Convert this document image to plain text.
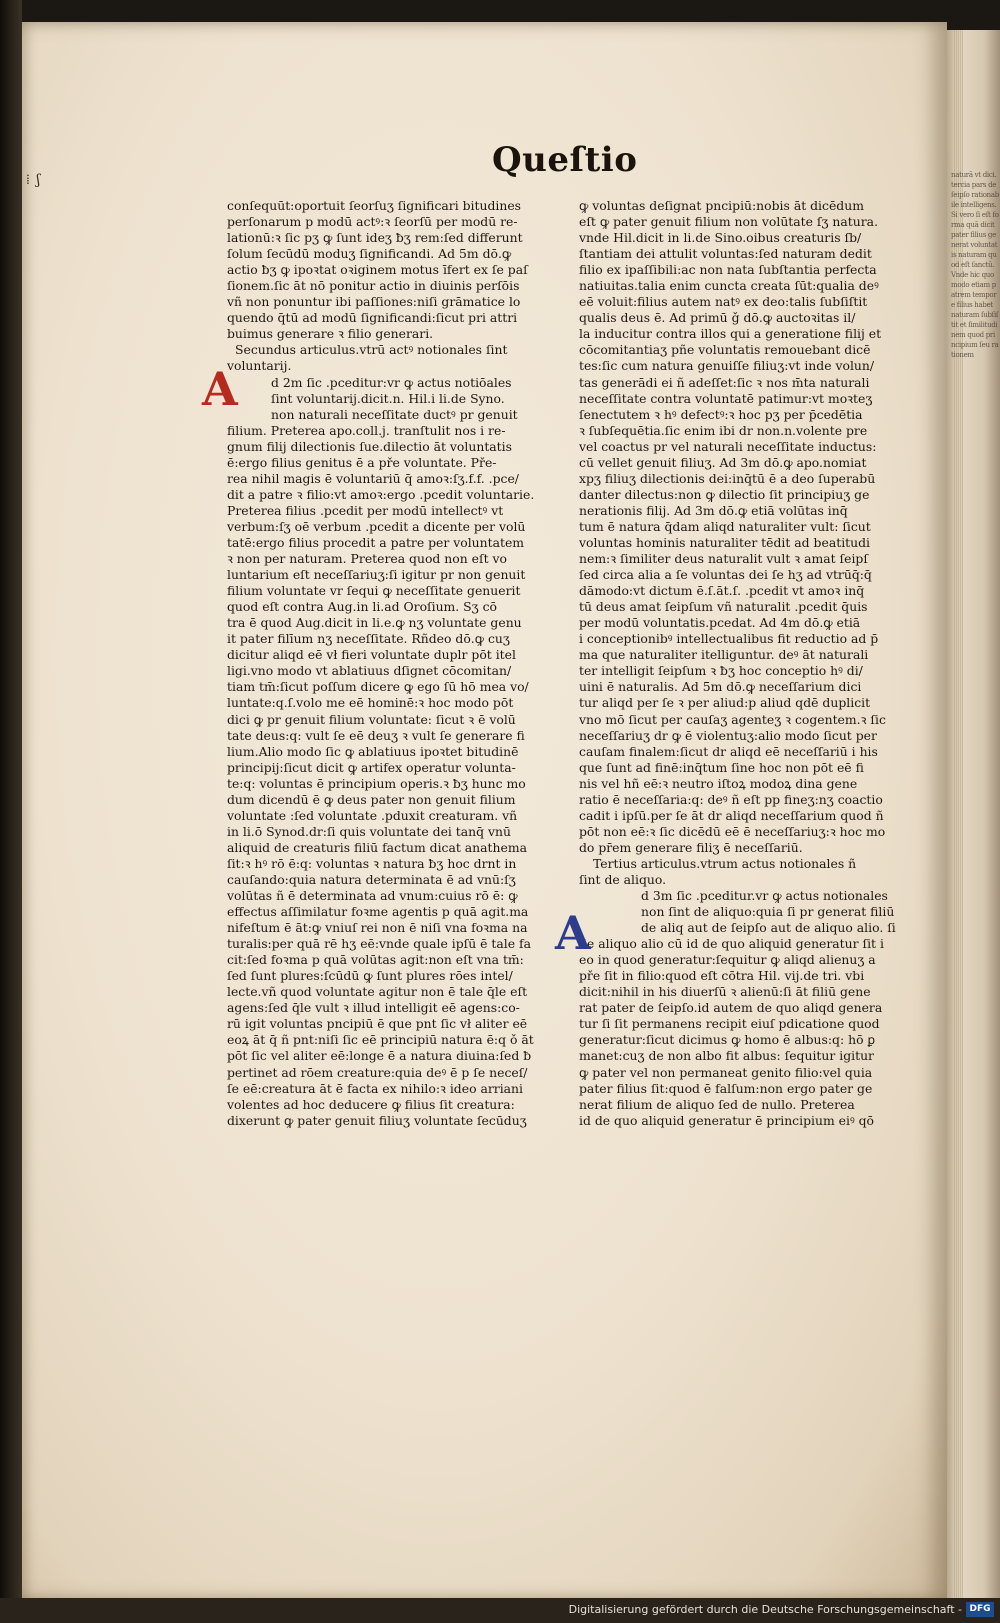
⁞ ʃ	Queſtio
conſequūt:oportuit ſeorſuʒ ſignificari bitudines
perſonarum p modū actꝰ:ꝛ ſeorſū per modū re-
lationū:ꝛ ſic pʒ ꝙ ſunt ideʒ ƀʒ rem:ſed differunt
ſolum ſecūdū moduʒ ſignificandi. Ad 5m dō.ꝙ
actio ƀʒ ꝙ ipoꝛtat oꝛiginem motus īfert ex ſe paſ
ſionem.ſic āt nō ponitur actio in diuinis perſōis
vñ non ponuntur ibi paſſiones:niſi grāmatice lo
quendo q̄tū ad modū ſignificandi:ſicut pri attri
buimus generare ꝛ filio generari.
Secundus articulus.vtrū actꝰ notionales ſint
voluntarij.
d 2m ſic .pceditur:vr ꝙ actus notiōales
ſint voluntarij.dicit.n. Hil.i li.de Syno.
non naturali neceſſitate ductꝰ pr genuit
filium. Preterea apo.coll.j. tranſtulit nos i re-
gnum filij dilectionis ſue.dilectio āt voluntatis
ē:ergo filius genitus ē a pře voluntate. Pře-
rea nihil magis ē voluntariū q̄ amoꝛ:ſʒ.f.f. .pce/
dit a patre ꝛ filio:vt amoꝛ:ergo .pcedit voluntarie.
Preterea filius .pcedit per modū intellectꝰ vt
verbum:ſʒ oē verbum .pcedit a dicente per volū
tatē:ergo filius procedit a patre per voluntatem
ꝛ non per naturam. Preterea quod non eſt vo
luntarium eſt neceſſariuʒ:ſi igitur pr non genuit
filium voluntate vr ſequi ꝙ neceſſitate genuerit
quod eſt contra Aug.in li.ad Oroſium. Sʒ cō
tra ē quod Aug.dicit in li.e.ꝙ nʒ voluntate genu
it pater filīum nʒ neceſſitate. Rñdeo dō.ꝙ cuʒ
dicitur aliqd eē vł fieri voluntate duplr pōt itel
ligi.vno modo vt ablatiuus dſignet cōcomitan/
tiam tm̄:ſicut poſſum dicere ꝙ ego ſū hō mea vo/
luntate:q.ſ.volo me eē hominē:ꝛ hoc modo pōt
dici ꝙ pr genuit filium voluntate: ſicut ꝛ ē volū
tate deus:q: vult ſe eē deuʒ ꝛ vult ſe generare fi
lium.Alio modo ſic ꝙ ablatiuus ipoꝛtet bitudinē
principij:ſicut dicit ꝙ artifex operatur volunta-
te:q: voluntas ē principium operis.ꝛ ƀʒ hunc mo
dum dicendū ē ꝙ deus pater non genuit filium
voluntate :ſed voluntate .pduxit creaturam. vñ
in li.ō Synod.dr:ſi quis voluntate dei tanq̄ vnū
aliquid de creaturis filiū factum dicat anathema
ſit:ꝛ hꝰ rō ē:q: voluntas ꝛ natura ƀʒ hoc drnt in
cauſando:quia natura determinata ē ad vnū:ſʒ
volūtas ñ ē determinata ad vnum:cuius rō ē: ꝙ
effectus aſſimilatur foꝛme agentis p quā agit.ma
nifeſtum ē āt:ꝙ vniuſ rei non ē niſi vna foꝛma na
turalis:per quā rē hʒ eē:vnde quale ipſū ē tale fa
cit:ſed foꝛma p quā volūtas agit:non eſt vna tm̄:
ſed ſunt plures:ſcūdū ꝙ ſunt plures rōes intel/
lecte.vñ quod voluntate agitur non ē tale q̄le eſt
agens:ſed q̄le vult ꝛ illud intelligit eē agens:co-
rū igit voluntas pncipiū ē que pnt ſic vł aliter eē
eoꝝ āt q̄ ñ pnt:niſi ſic eē principiū natura ē:q ǒ āt
pōt ſic vel aliter eē:longe ē a natura diuina:ſed ƀ
pertinet ad rōem creature:quia deꝰ ē p ſe neceſ/
ſe eē:creatura āt ē facta ex nihilo:ꝛ ideo arriani
volentes ad hoc deducere ꝙ filius ſit creatura:
dixerunt ꝙ pater genuit filiuʒ voluntate ſecūduʒ
ꝙ voluntas deſignat pncipiū:nobis āt dicēdum
eſt ꝙ pater genuit filium non volūtate ſʒ natura.
vnde Hil.dicit in li.de Sino.oibus creaturis ſb/
ſtantiam dei attulit voluntas:ſed naturam dedit
filio ex ipaſſibili:ac non nata ſubſtantia perfecta
natiuitas.talia enim cuncta creata ſūt:qualia deꝰ
eē voluit:filius autem natꝰ ex deo:talis ſubſiſtit
qualis deus ē. Ad primū ǧ dō.ꝙ auctoꝛitas il/
la inducitur contra illos qui a generatione filij et
cōcomitantiaʒ pñe voluntatis remouebant dicē
tes:ſic cum natura genuiſſe filiuʒ:vt inde volun/
tas generādi ei ñ adeſſet:ſic ꝛ nos m̄ta naturali
neceſſitate contra voluntatē patimur:vt moꝛteʒ
ſenectutem ꝛ hꝰ defectꝰ:ꝛ hoc pʒ per p̄cedētia
ꝛ ſubſequētia.ſic enim ibi dr non.n.volente pre
vel coactus pr vel naturali neceſſitate inductus:
cū vellet genuit filiuʒ. Ad 3m dō.ꝙ apo.nomiat
xpʒ filiuʒ dilectionis dei:inq̄tū ē a deo ſuperabū
danter dilectus:non ꝙ dilectio ſit principiuʒ ge
nerationis filij. Ad 3m dō.ꝙ etiā volūtas inq̄
tum ē natura q̄dam aliqd naturaliter vult: ſicut
voluntas hominis naturaliter tēdit ad beatitudi
nem:ꝛ ſimiliter deus naturalit vult ꝛ amat ſeipſ
ſed circa alia a ſe voluntas dei ſe hʒ ad vtrūq̄:q̄
dāmodo:vt dictum ē.ſ.āt.ſ. .pcedit vt amoꝛ inq̄
tū deus amat ſeipſum vñ naturalit .pcedit q̄uis
per modū voluntatis.pcedat. Ad 4m dō.ꝙ etiā
i conceptionibꝰ intellectualibus fit reductio ad p̄
ma que naturaliter itelliguntur. deꝰ āt naturali
ter intelligit ſeipſum ꝛ ƀʒ hoc conceptio hꝰ di/
uini ē naturalis. Ad 5m dō.ꝙ neceſſarium dici
tur aliqd per ſe ꝛ per aliud:p aliud qdē duplicit
vno mō ſicut per cauſaʒ agenteʒ ꝛ cogentem.ꝛ ſic
neceſſariuʒ dr ꝙ ē violentuʒ:alio modo ſicut per
cauſam finalem:ſicut dr aliqd eē neceſſariū i his
que ſunt ad finē:inq̄tum ſine hoc non pōt eē fi
nis vel hñ eē:ꝛ neutro iſtoꝝ modoꝝ dina gene
ratio ē neceſſaria:q: deꝰ ñ eſt pp fineʒ:nʒ coactio
cadit i ipſū.per ſe āt dr aliqd neceſſarium quod ñ
pōt non eē:ꝛ ſic dicēdū eē ē neceſſariuʒ:ꝛ hoc mo
do pr̄em generare filiʒ ē neceſſariū.
Tertius articulus.vtrum actus notionales ñ
ſint de aliquo.
d 3m ſic .pceditur.vr ꝙ actus notionales
non ſint de aliquo:quia ſi pr generat filiū
de aliq aut de ſeipſo aut de aliquo alio. ſi
de aliquo alio cū id de quo aliquid generatur ſit i
eo in quod generatur:ſequitur ꝙ aliqd alienuʒ a
pře ſit in filio:quod eſt cōtra Hil. vij.de tri. vbi
dicit:nihil in his diuerſū ꝛ alienū:ſi āt filiū gene
rat pater de ſeipſo.id autem de quo aliqd genera
tur ſi ſit permanens recipit eiuſ pdicatione quod
generatur:ſicut dicimus ꝙ homo ē albus:q: hō ꝑ
manet:cuʒ de non albo fit albus: ſequitur igitur
ꝙ pater vel non permaneat genito filio:vel quia
pater filius ſit:quod ē falſum:non ergo pater ge
nerat filium de aliquo ſed de nullo. Preterea
id de quo aliquid generatur ē principium eiꝰ qō
A
A
naturā vt dici. tercia pars de ſeipſo rationabile intelligens. Si vero ſi eſt forma quā dicit pater filius generat voluntatis naturam quod eſt ſanctū. Vnde hic quo modo etiam patrem tempore filius habet naturam ſubſiſtit et ſimilitudinem quod principium ſeu rationem
Digitalisierung gefördert durch die Deutsche Forschungsgemeinschaft - DFG
